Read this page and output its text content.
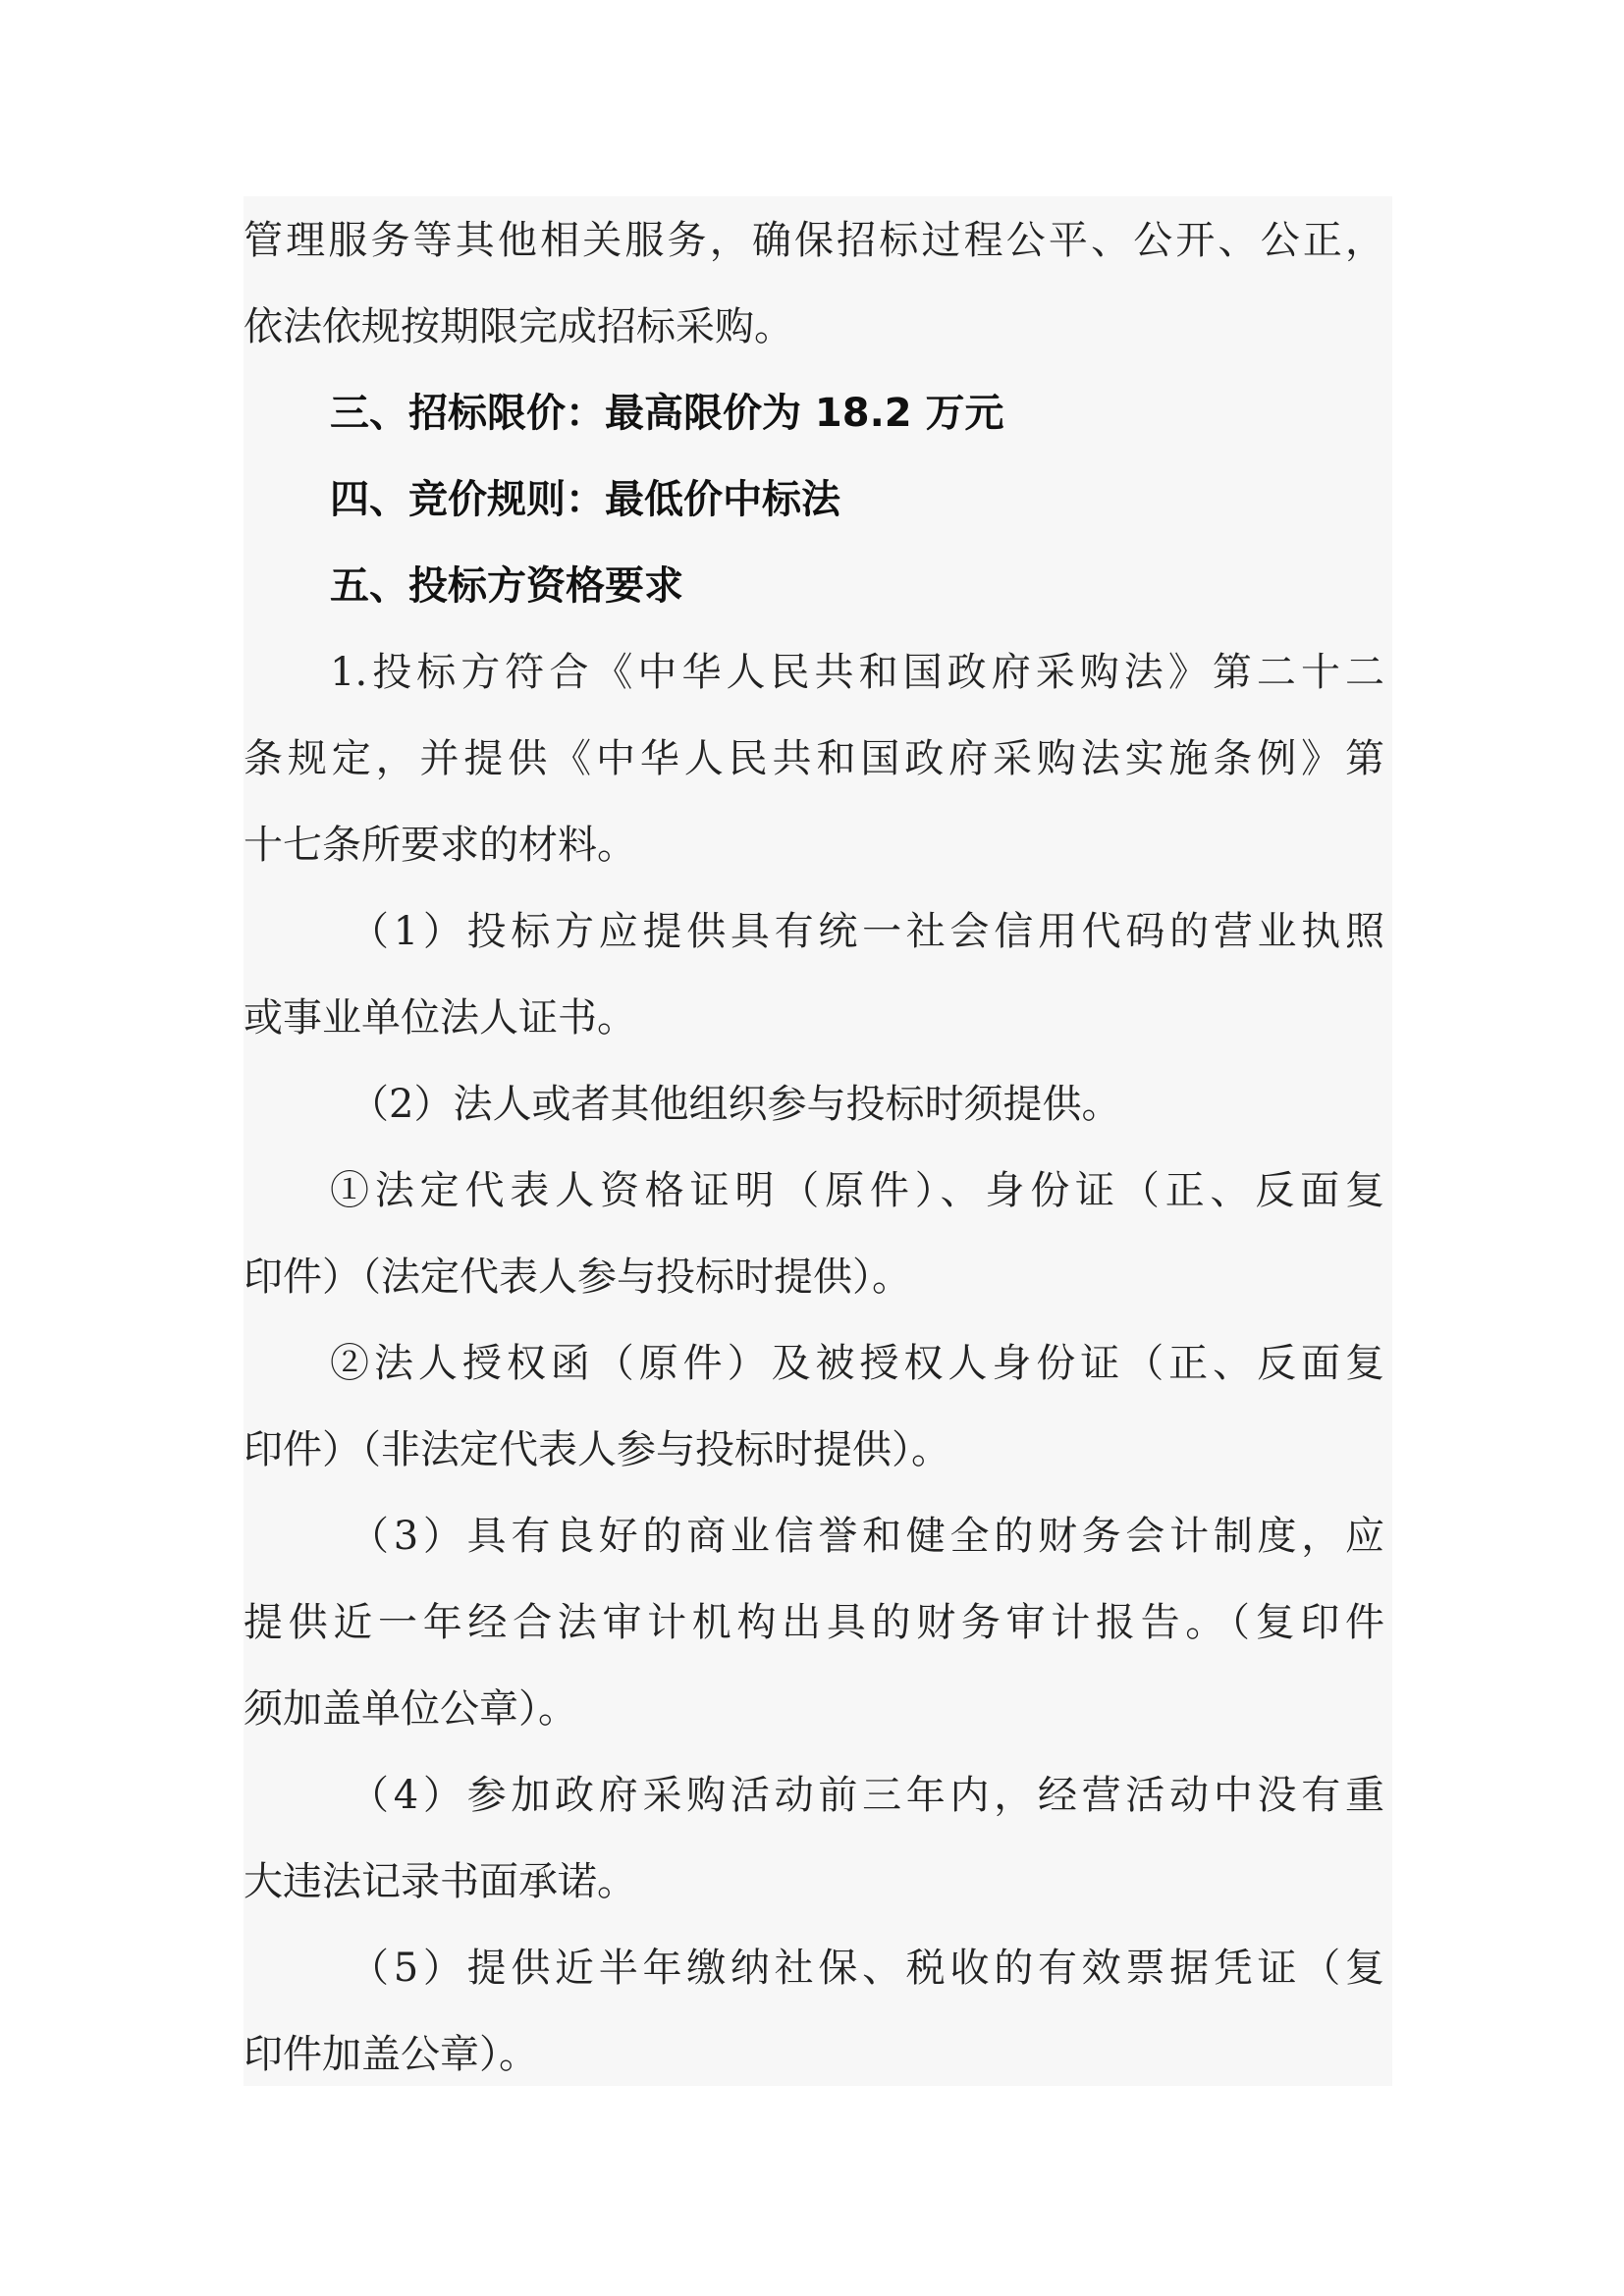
管理服务等其他相关服务，确保招标过程公平、公开、公正，
依法依规按期限完成招标采购。
三、招标限价：最高限价为 18.2 万元
四、竞价规则：最低价中标法
五、投标方资格要求
1.投标方符合《中华人民共和国政府采购法》第二十二
条规定，并提供《中华人民共和国政府采购法实施条例》第
十七条所要求的材料。
（1）投标方应提供具有统一社会信用代码的营业执照
或事业单位法人证书。
（2）法人或者其他组织参与投标时须提供。
①法定代表人资格证明（原件）、身份证（正、反面复
印件）（法定代表人参与投标时提供）。
②法人授权函（原件）及被授权人身份证（正、反面复
印件）（非法定代表人参与投标时提供）。
（3）具有良好的商业信誉和健全的财务会计制度，应
提供近一年经合法审计机构出具的财务审计报告。（复印件
须加盖单位公章）。
（4）参加政府采购活动前三年内，经营活动中没有重
大违法记录书面承诺。
（5）提供近半年缴纳社保、税收的有效票据凭证（复
印件加盖公章）。
